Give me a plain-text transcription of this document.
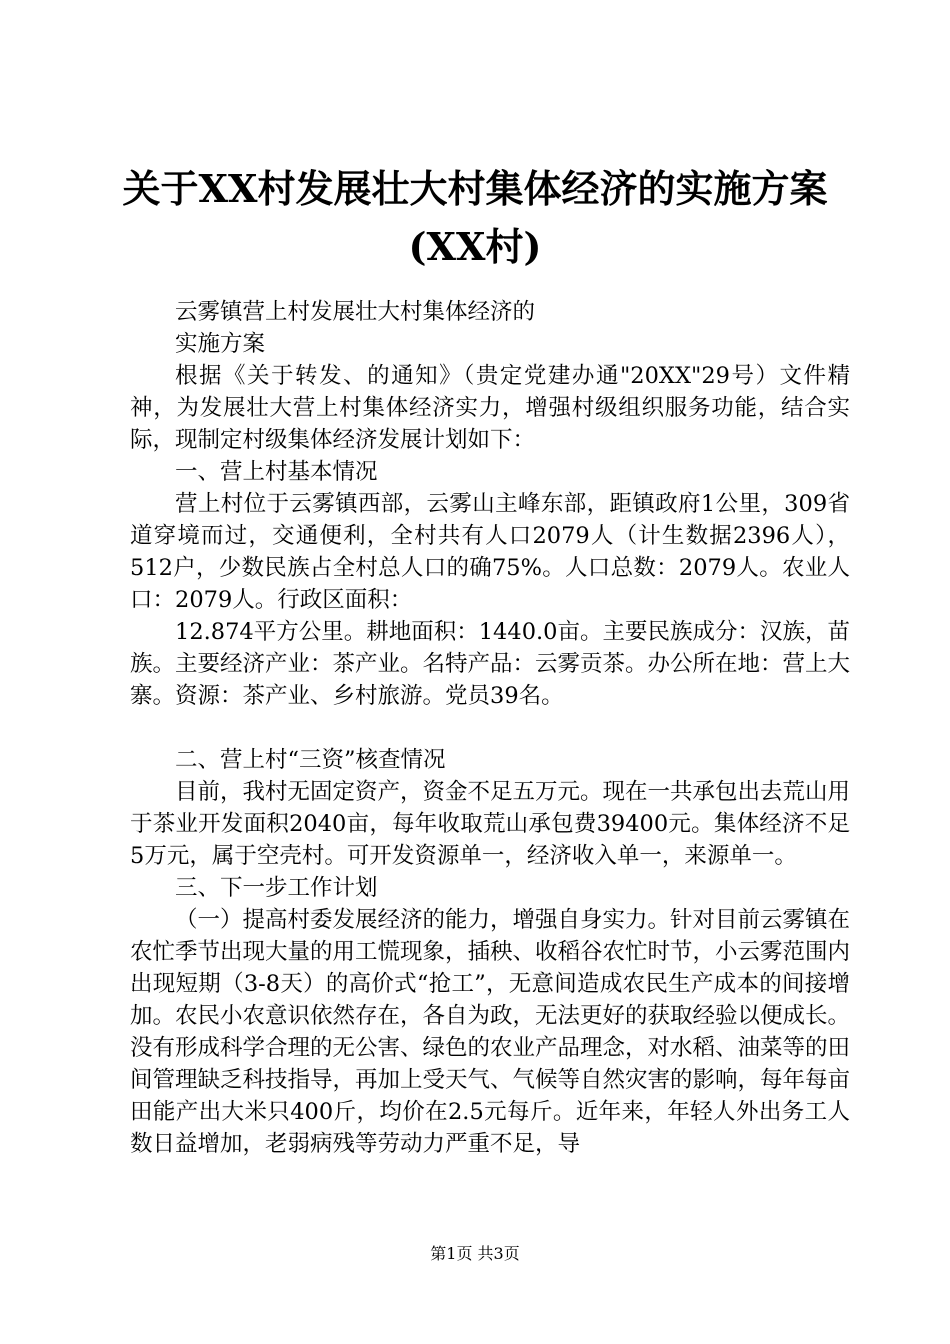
关于XX村发展壮大村集体经济的实施方案(XX村)

云雾镇营上村发展壮大村集体经济的

实施方案

根据《关于转发、的通知》（贵定党建办通"20XX"29号）文件精神，为发展壮大营上村集体经济实力，增强村级组织服务功能，结合实际，现制定村级集体经济发展计划如下：

一、营上村基本情况

营上村位于云雾镇西部，云雾山主峰东部，距镇政府1公里，309省道穿境而过，交通便利，全村共有人口2079人（计生数据2396人），512户，少数民族占全村总人口的确75%。人口总数：2079人。农业人口：2079人。行政区面积：

12.874平方公里。耕地面积：1440.0亩。主要民族成分：汉族，苗族。主要经济产业：茶产业。名特产品：云雾贡茶。办公所在地：营上大寨。资源：茶产业、乡村旅游。党员39名。

二、营上村“三资”核查情况

目前，我村无固定资产，资金不足五万元。现在一共承包出去荒山用于茶业开发面积2040亩，每年收取荒山承包费39400元。集体经济不足5万元，属于空壳村。可开发资源单一，经济收入单一，来源单一。

三、下一步工作计划

（一）提高村委发展经济的能力，增强自身实力。针对目前云雾镇在农忙季节出现大量的用工慌现象，插秧、收稻谷农忙时节，小云雾范围内出现短期（3-8天）的高价式“抢工”，无意间造成农民生产成本的间接增加。农民小农意识依然存在，各自为政，无法更好的获取经验以便成长。没有形成科学合理的无公害、绿色的农业产品理念，对水稻、油菜等的田间管理缺乏科技指导，再加上受天气、气候等自然灾害的影响，每年每亩田能产出大米只400斤，均价在2.5元每斤。近年来，年轻人外出务工人数日益增加，老弱病残等劳动力严重不足，导

第1页 共3页
